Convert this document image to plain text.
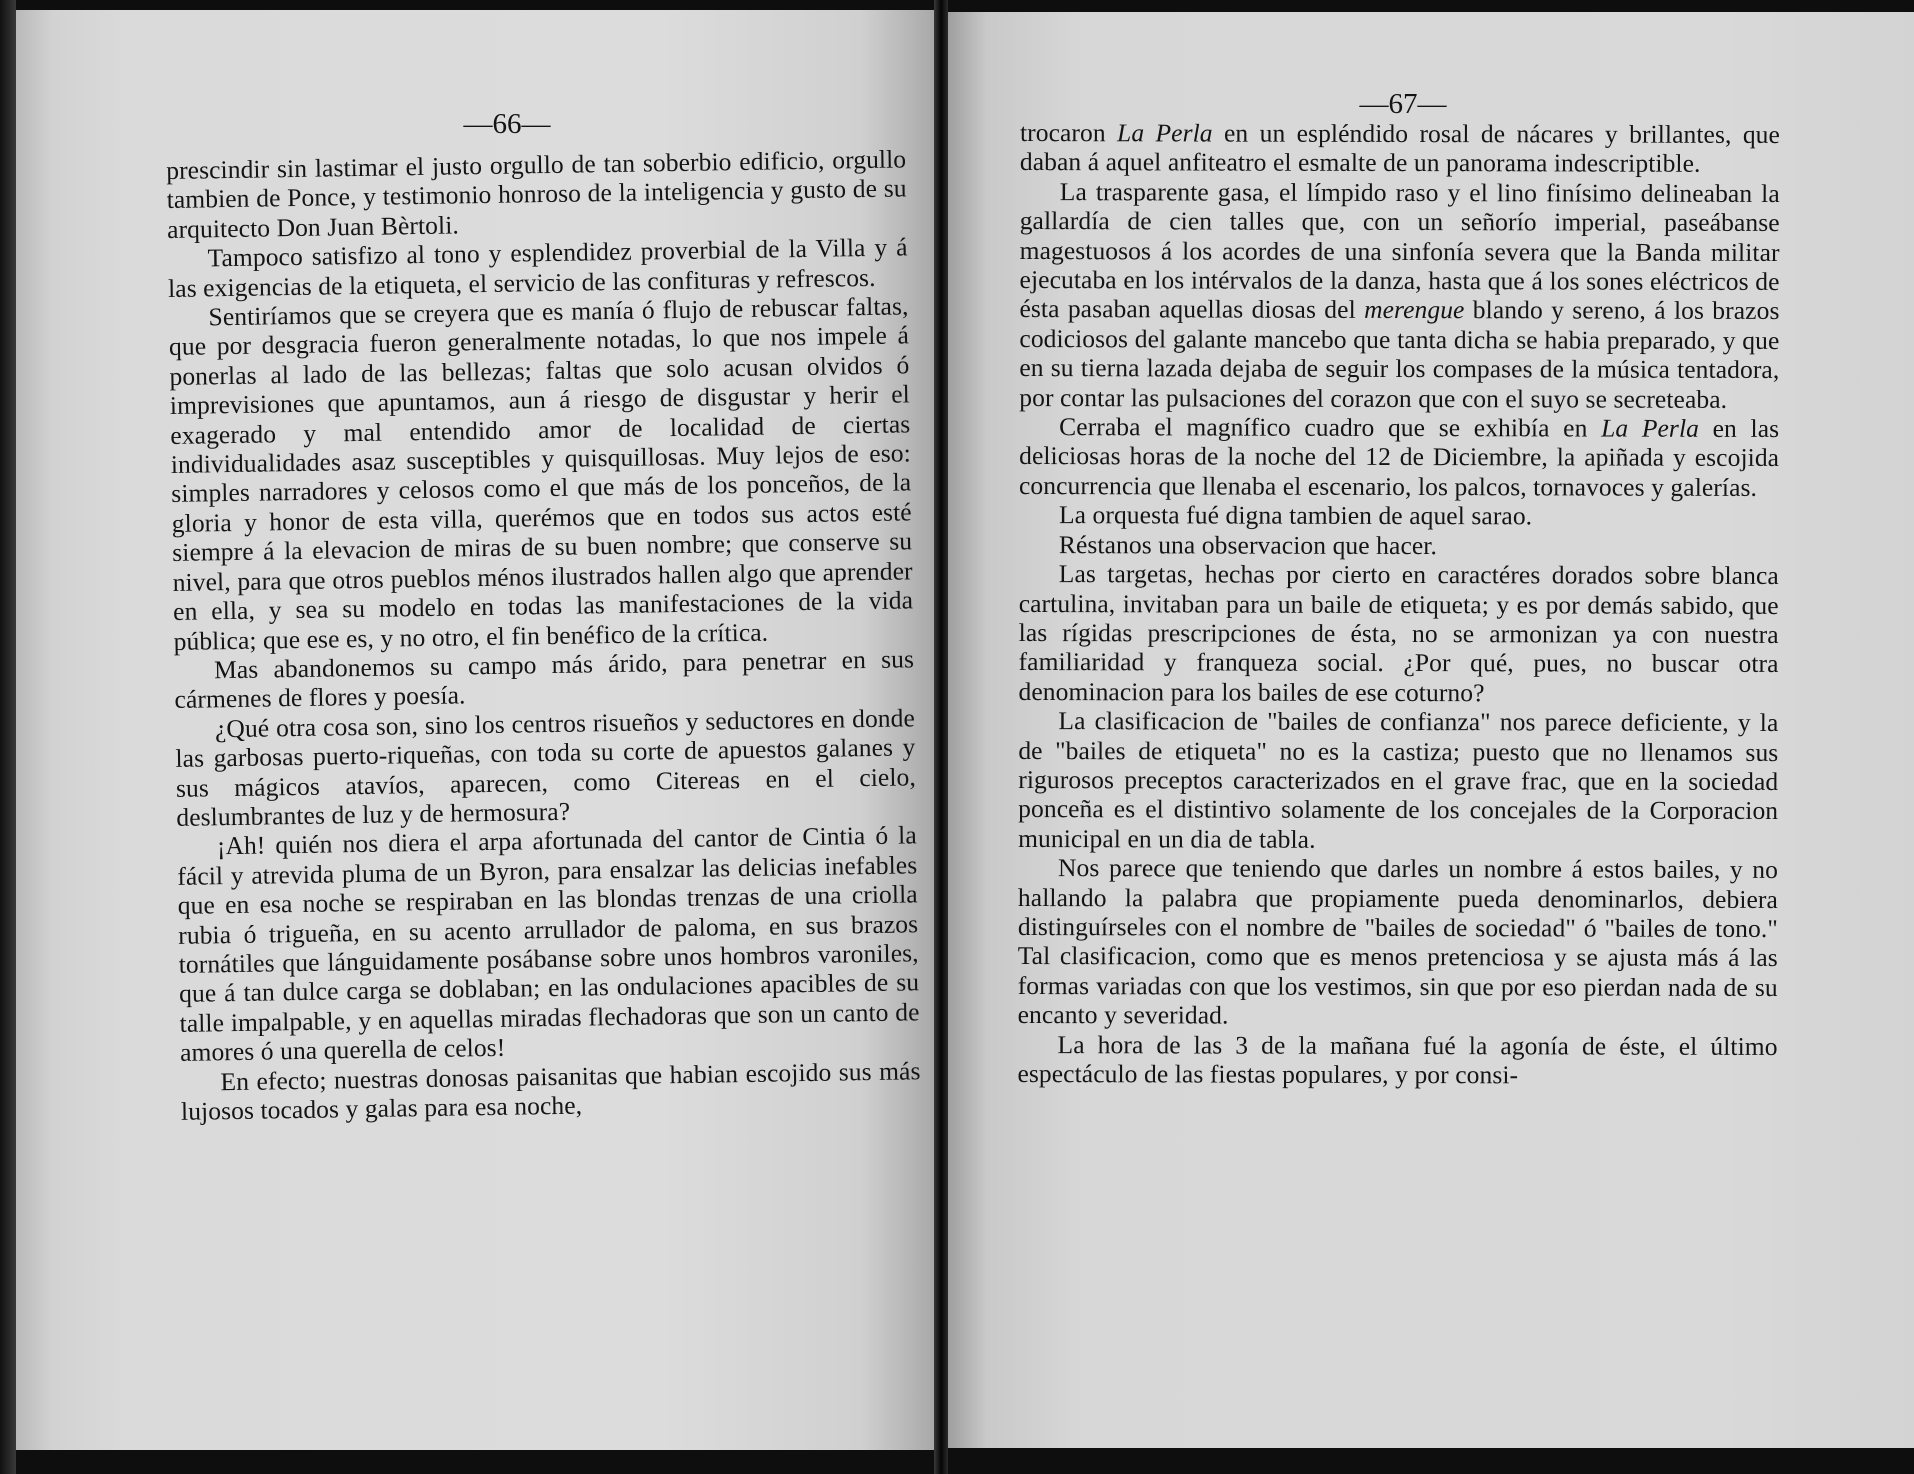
—66—

prescindir sin lastimar el justo orgullo de tan soberbio edificio, orgullo tambien de Ponce, y testimonio honroso de la inteligencia y gusto de su arquitecto Don Juan Bèrtoli.

Tampoco satisfizo al tono y esplendidez proverbial de la Villa y á las exigencias de la etiqueta, el servicio de las confituras y refrescos.

Sentiríamos que se creyera que es manía ó flujo de rebuscar faltas, que por desgracia fueron generalmente notadas, lo que nos impele á ponerlas al lado de las bellezas; faltas que solo acusan olvidos ó imprevisiones que apuntamos, aun á riesgo de disgustar y herir el exagerado y mal entendido amor de localidad de ciertas individualidades asaz susceptibles y quisquillosas. Muy lejos de eso: simples narradores y celosos como el que más de los ponceños, de la gloria y honor de esta villa, querémos que en todos sus actos esté siempre á la elevacion de miras de su buen nombre; que conserve su nivel, para que otros pueblos ménos ilustrados hallen algo que aprender en ella, y sea su modelo en todas las manifestaciones de la vida pública; que ese es, y no otro, el fin benéfico de la crítica.

Mas abandonemos su campo más árido, para penetrar en sus cármenes de flores y poesía.

¿Qué otra cosa son, sino los centros risueños y seductores en donde las garbosas puerto-riqueñas, con toda su corte de apuestos galanes y sus mágicos atavíos, aparecen, como Citereas en el cielo, deslumbrantes de luz y de hermosura?

¡Ah! quién nos diera el arpa afortunada del cantor de Cintia ó la fácil y atrevida pluma de un Byron, para ensalzar las delicias inefables que en esa noche se respiraban en las blondas trenzas de una criolla rubia ó trigueña, en su acento arrullador de paloma, en sus brazos tornátiles que lánguidamente posábanse sobre unos hombros varoniles, que á tan dulce carga se doblaban; en las ondulaciones apacibles de su talle impalpable, y en aquellas miradas flechadoras que son un canto de amores ó una querella de celos!

En efecto; nuestras donosas paisanitas que habian escojido sus más lujosos tocados y galas para esa noche,

—67—

trocaron La Perla en un espléndido rosal de nácares y brillantes, que daban á aquel anfiteatro el esmalte de un panorama indescriptible.

La trasparente gasa, el límpido raso y el lino finísimo delineaban la gallardía de cien talles que, con un señorío imperial, paseábanse magestuosos á los acordes de una sinfonía severa que la Banda militar ejecutaba en los intérvalos de la danza, hasta que á los sones eléctricos de ésta pasaban aquellas diosas del merengue blando y sereno, á los brazos codiciosos del galante mancebo que tanta dicha se habia preparado, y que en su tierna lazada dejaba de seguir los compases de la música tentadora, por contar las pulsaciones del corazon que con el suyo se secreteaba.

Cerraba el magnífico cuadro que se exhibía en La Perla en las deliciosas horas de la noche del 12 de Diciembre, la apiñada y escojida concurrencia que llenaba el escenario, los palcos, tornavoces y galerías.

La orquesta fué digna tambien de aquel sarao.

Réstanos una observacion que hacer.

Las targetas, hechas por cierto en caractéres dorados sobre blanca cartulina, invitaban para un baile de etiqueta; y es por demás sabido, que las rígidas prescripciones de ésta, no se armonizan ya con nuestra familiaridad y franqueza social. ¿Por qué, pues, no buscar otra denominacion para los bailes de ese coturno?

La clasificacion de "bailes de confianza" nos parece deficiente, y la de "bailes de etiqueta" no es la castiza; puesto que no llenamos sus rigurosos preceptos caracterizados en el grave frac, que en la sociedad ponceña es el distintivo solamente de los concejales de la Corporacion municipal en un dia de tabla.

Nos parece que teniendo que darles un nombre á estos bailes, y no hallando la palabra que propiamente pueda denominarlos, debiera distinguírseles con el nombre de "bailes de sociedad" ó "bailes de tono." Tal clasificacion, como que es menos pretenciosa y se ajusta más á las formas variadas con que los vestimos, sin que por eso pierdan nada de su encanto y severidad.

La hora de las 3 de la mañana fué la agonía de éste, el último espectáculo de las fiestas populares, y por consi-
